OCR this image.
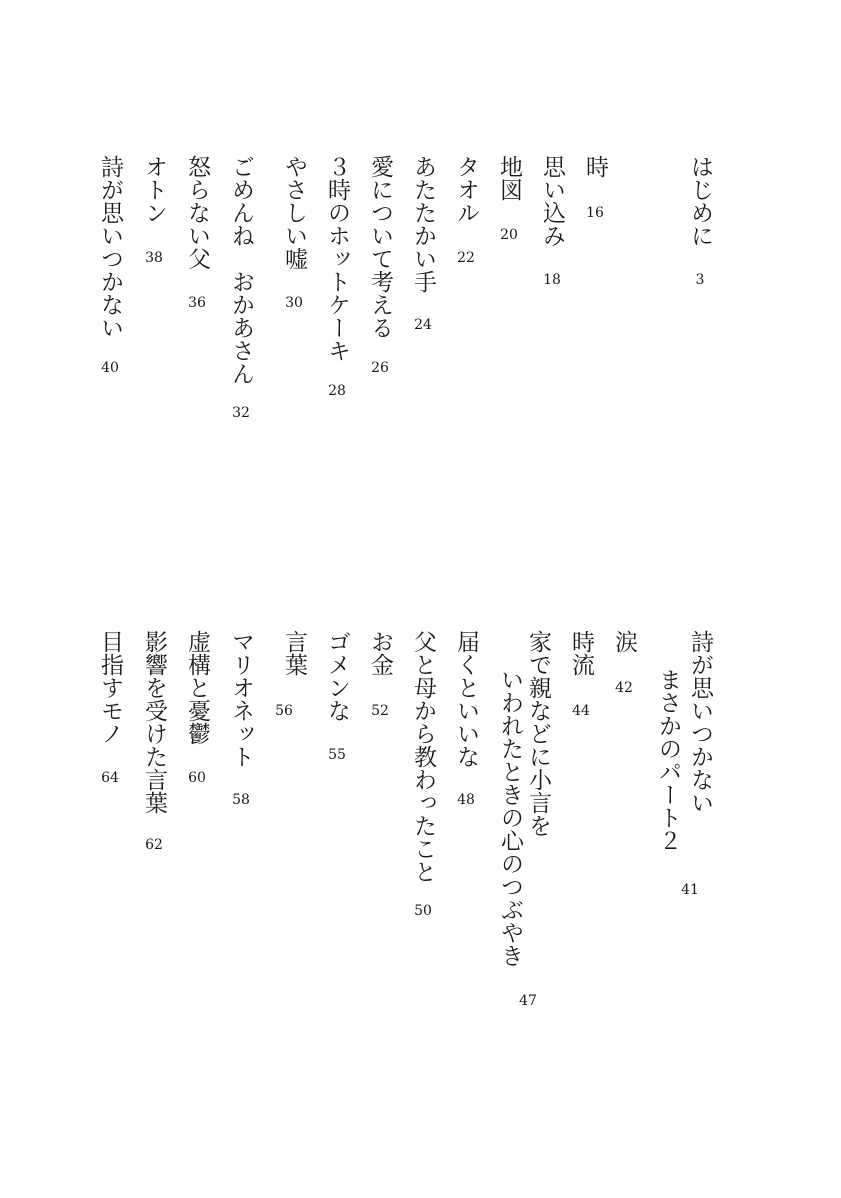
はじめに
3
時
16
思い込み
18
地図
20
タオル
22
あたたかい手
24
愛について考える
26
３時のホットケーキ
28
やさしい嘘
30
ごめんね　おかあさん
32
怒らない父
36
オトン
38
詩が思いつかない
40
詩が思いつかない
41
まさかのパート２
涙
42
時流
44
家で親などに小言を
47
いわれたときの心のつぶやき
届くといいな
48
父と母から教わったこと
50
お金
52
ゴメンな
55
言葉
56
マリオネット
58
虚構と憂鬱
60
影響を受けた言葉
62
目指すモノ
64
